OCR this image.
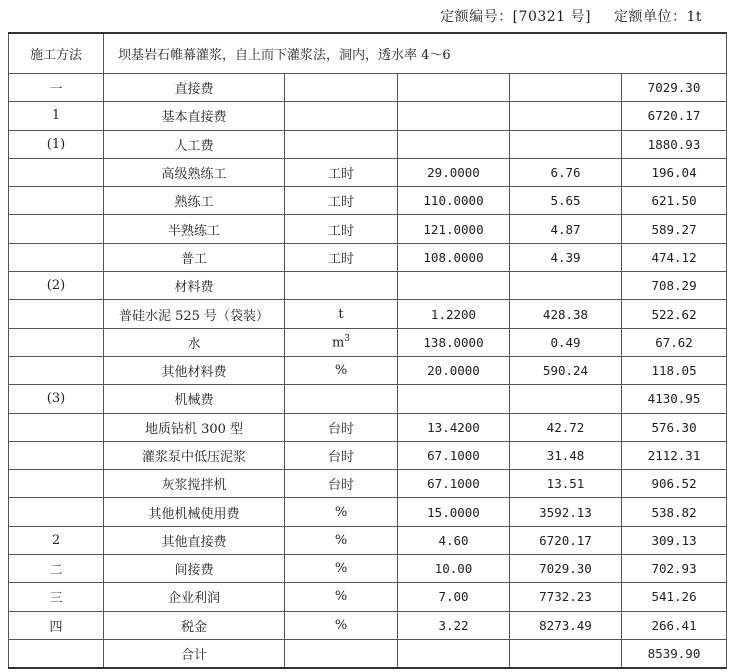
定额编号：[70321 号] 定额单位：1t
施工方法	坝基岩石帷幕灌浆，自上而下灌浆法，洞内，透水率 4～6				
一	直接费				7029.30
1	基本直接费				6720.17
(1)	人工费				1880.93
	高级熟练工	工时	29.0000	6.76	196.04
	熟练工	工时	110.0000	5.65	621.50
	半熟练工	工时	121.0000	4.87	589.27
	普工	工时	108.0000	4.39	474.12
(2)	材料费				708.29
	普硅水泥 525 号（袋装）	t	1.2200	428.38	522.62
	水	$m^3$	138.0000	0.49	67.62
	其他材料费	%	20.0000	590.24	118.05
(3)	机械费				4130.95
	地质钻机 300 型	台时	13.4200	42.72	576.30
	灌浆泵中低压泥浆	台时	67.1000	31.48	2112.31
	灰浆搅拌机	台时	67.1000	13.51	906.52
	其他机械使用费	%	15.0000	3592.13	538.82
2	其他直接费	%	4.60	6720.17	309.13
二	间接费	%	10.00	7029.30	702.93
三	企业利润	%	7.00	7732.23	541.26
四	税金	%	3.22	8273.49	266.41
	合计				8539.90
